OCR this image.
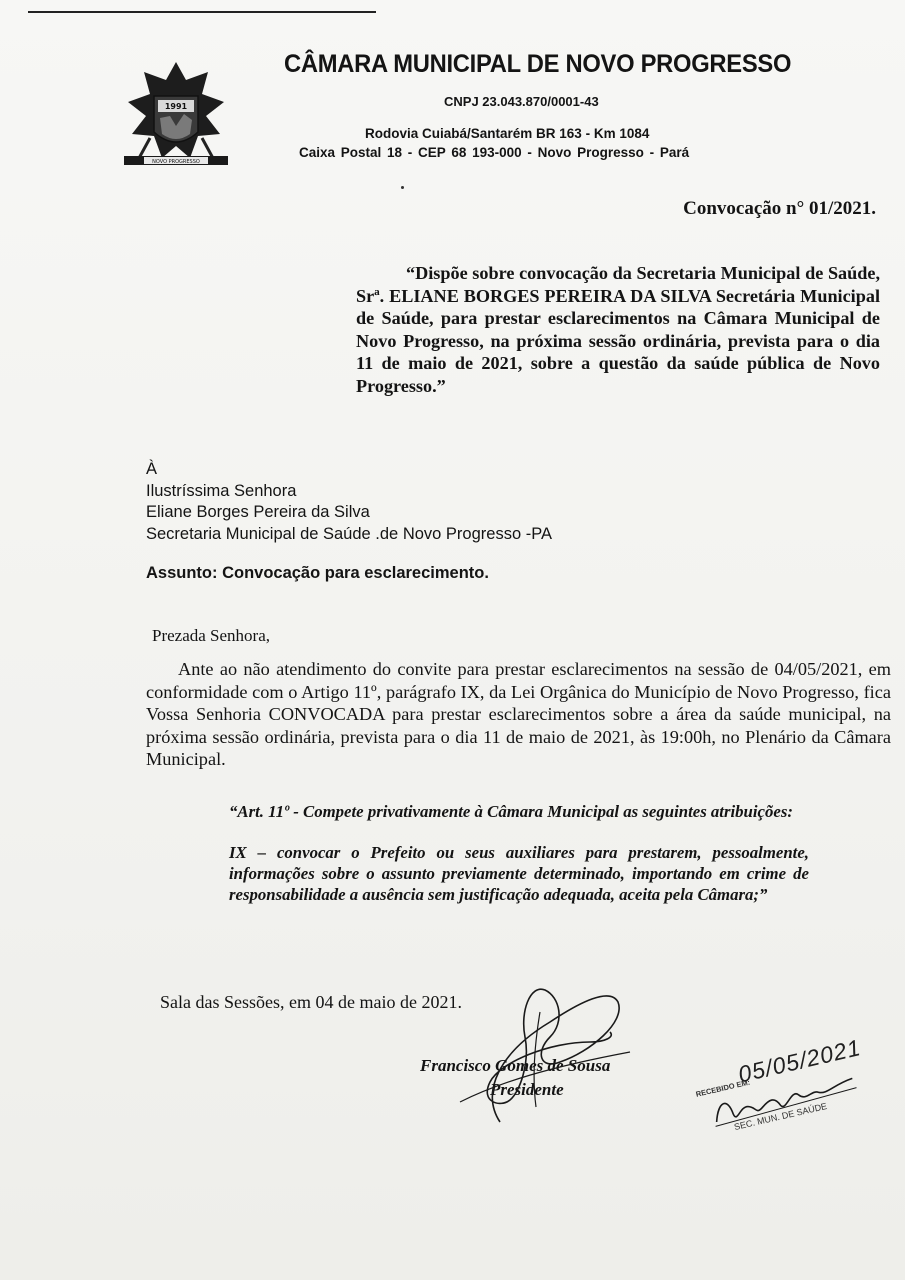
1991
NOVO PROGRESSO
CÂMARA MUNICIPAL DE NOVO PROGRESSO
CNPJ 23.043.870/0001-43
Rodovia Cuiabá/Santarém BR 163 - Km 1084
Caixa Postal 18 - CEP 68 193-000 - Novo Progresso - Pará
Convocação n° 01/2021.
“Dispõe sobre convocação da Secretaria Municipal de Saúde, Srª. ELIANE BORGES PEREIRA DA SILVA Secretária Municipal de Saúde, para prestar esclarecimentos na Câmara Municipal de Novo Progresso, na próxima sessão ordinária, prevista para o dia 11 de maio de 2021, sobre a questão da saúde pública de Novo Progresso.”
À
Ilustríssima Senhora
Eliane Borges Pereira da Silva
Secretaria Municipal de Saúde .de Novo Progresso -PA
Assunto: Convocação para esclarecimento.
Prezada Senhora,
Ante ao não atendimento do convite para prestar esclarecimentos na sessão de 04/05/2021, em conformidade com o Artigo 11º, parágrafo IX, da Lei Orgânica do Município de Novo Progresso, fica Vossa Senhoria CONVOCADA para prestar esclarecimentos sobre a área da saúde municipal, na próxima sessão ordinária, prevista para o dia 11 de maio de 2021, às 19:00h, no Plenário da Câmara Municipal.

“Art. 11º - Compete privativamente à Câmara Municipal as seguintes atribuições:

IX – convocar o Prefeito ou seus auxiliares para prestarem, pessoalmente, informações sobre o assunto previamente determinado, importando em crime de responsabilidade a ausência sem justificação adequada, aceita pela Câmara;”

Sala das Sessões, em 04 de maio de 2021.
Francisco Gomes de Sousa
Presidente	RECEBIDO EM:
05/05/2021
SEC. MUN. DE SAÚDE
